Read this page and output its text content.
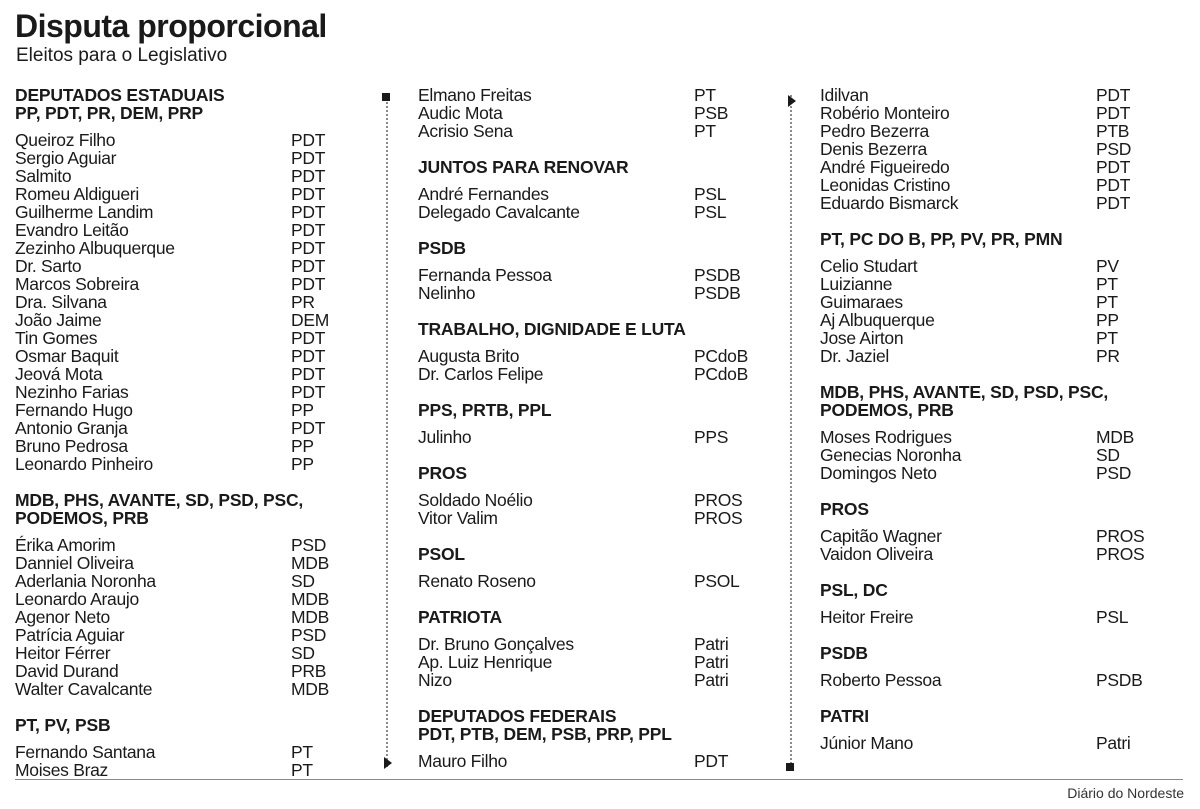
Disputa proporcional
Eleitos para o Legislativo
DEPUTADOS ESTADUAIS
PP, PDT, PR, DEM, PRP
Queiroz Filho	PDT
Sergio Aguiar	PDT
Salmito	PDT
Romeu Aldigueri	PDT
Guilherme Landim	PDT
Evandro Leitão	PDT
Zezinho Albuquerque	PDT
Dr. Sarto	PDT
Marcos Sobreira	PDT
Dra. Silvana	PR
João Jaime	DEM
Tin Gomes	PDT
Osmar Baquit	PDT
Jeová Mota	PDT
Nezinho Farias	PDT
Fernando Hugo	PP
Antonio Granja	PDT
Bruno Pedrosa	PP
Leonardo Pinheiro	PP
MDB, PHS, AVANTE, SD, PSD, PSC,
PODEMOS, PRB
Érika Amorim	PSD
Danniel Oliveira	MDB
Aderlania Noronha	SD
Leonardo Araujo	MDB
Agenor Neto	MDB
Patrícia Aguiar	PSD
Heitor Férrer	SD
David Durand	PRB
Walter Cavalcante	MDB
PT, PV, PSB
Fernando Santana	PT
Moises Braz	PT
Elmano Freitas	PT
Audic Mota	PSB
Acrisio Sena	PT
JUNTOS PARA RENOVAR
André Fernandes	PSL
Delegado Cavalcante	PSL
PSDB
Fernanda Pessoa	PSDB
Nelinho	PSDB
TRABALHO, DIGNIDADE E LUTA
Augusta Brito	PCdoB
Dr. Carlos Felipe	PCdoB
PPS, PRTB, PPL
Julinho	PPS
PROS
Soldado Noélio	PROS
Vitor Valim	PROS
PSOL
Renato Roseno	PSOL
PATRIOTA
Dr. Bruno Gonçalves	Patri
Ap. Luiz Henrique	Patri
Nizo	Patri
DEPUTADOS FEDERAIS
PDT, PTB, DEM, PSB, PRP, PPL
Mauro Filho	PDT
Idilvan	PDT
Robério Monteiro	PDT
Pedro Bezerra	PTB
Denis Bezerra	PSD
André Figueiredo	PDT
Leonidas Cristino	PDT
Eduardo Bismarck	PDT
PT, PC DO B, PP, PV, PR, PMN
Celio Studart	PV
Luizianne	PT
Guimaraes	PT
Aj Albuquerque	PP
Jose Airton	PT
Dr. Jaziel	PR
MDB, PHS, AVANTE, SD, PSD, PSC,
PODEMOS, PRB
Moses Rodrigues	MDB
Genecias Noronha	SD
Domingos Neto	PSD
PROS
Capitão Wagner	PROS
Vaidon Oliveira	PROS
PSL, DC
Heitor Freire	PSL
PSDB
Roberto Pessoa	PSDB
PATRI
Júnior Mano	Patri
Diário do Nordeste
